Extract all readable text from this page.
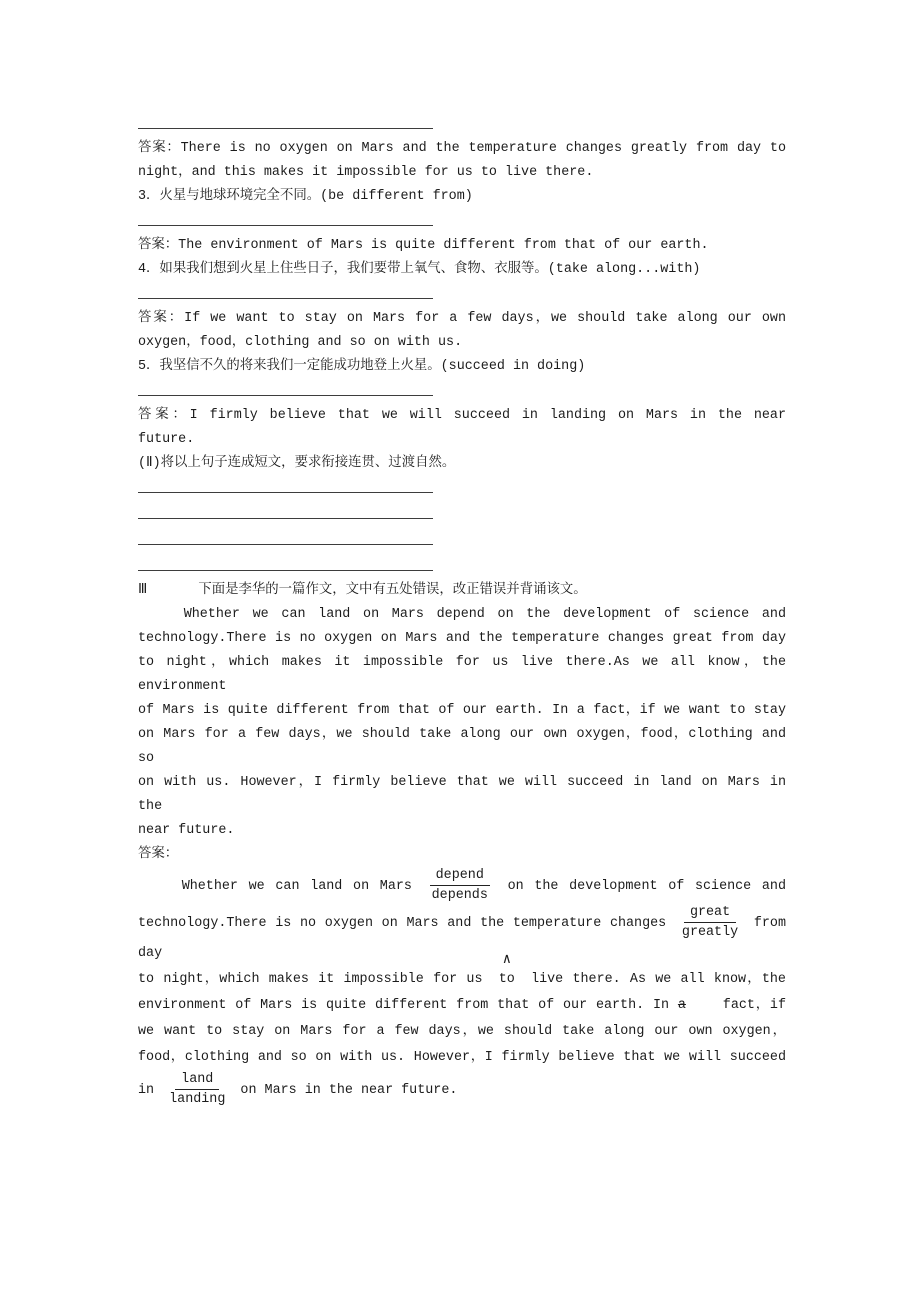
答案：There is no oxygen on Mars and the temperature changes greatly from day to
night，and this makes it impossible for us to live there.
3．火星与地球环境完全不同。(be different from)
答案：The environment of Mars is quite different from that of our earth.
4．如果我们想到火星上住些日子，我们要带上氧气、食物、衣服等。(take along...with)
答案：If we want to stay on Mars for a few days，we should take along our own
oxygen，food，clothing and so on with us.
5．我坚信不久的将来我们一定能成功地登上火星。(succeed in doing)
答案：I firmly believe that we will succeed in landing on Mars in the near
future.
(Ⅱ)将以上句子连成短文，要求衔接连贯、过渡自然。
Ⅲ	下面是李华的一篇作文，文中有五处错误，改正错误并背诵该文。
Whether we can land on Mars depend on the development of science and
technology.There is no oxygen on Mars and the temperature changes great from day
to night，which makes it impossible for us live there.As we all know，the environment
of Mars is quite different from that of our earth. In a fact，if we want to stay
on Mars for a few days，we should take along our own oxygen，food，clothing and so
on with us. However，I firmly believe that we will succeed in land on Mars in the
near future.
答案：
Whether we can land on Mars $\frac{\text{depend}}{\text{depends}}$ on the development of science and
technology.There is no oxygen on Mars and the temperature changes $\frac{\text{great}}{\text{greatly}}$ from day
to night，which makes it impossible for us
∧
to live there. As we all know，the
environment of Mars is quite different from that of our earth. In a	fact，if
we want to stay on Mars for a few days，we should take along our own oxygen，
food，clothing and so on with us. However，I firmly believe that we will succeed
in $\frac{\text{land}}{\text{landing}}$ on Mars in the near future.
